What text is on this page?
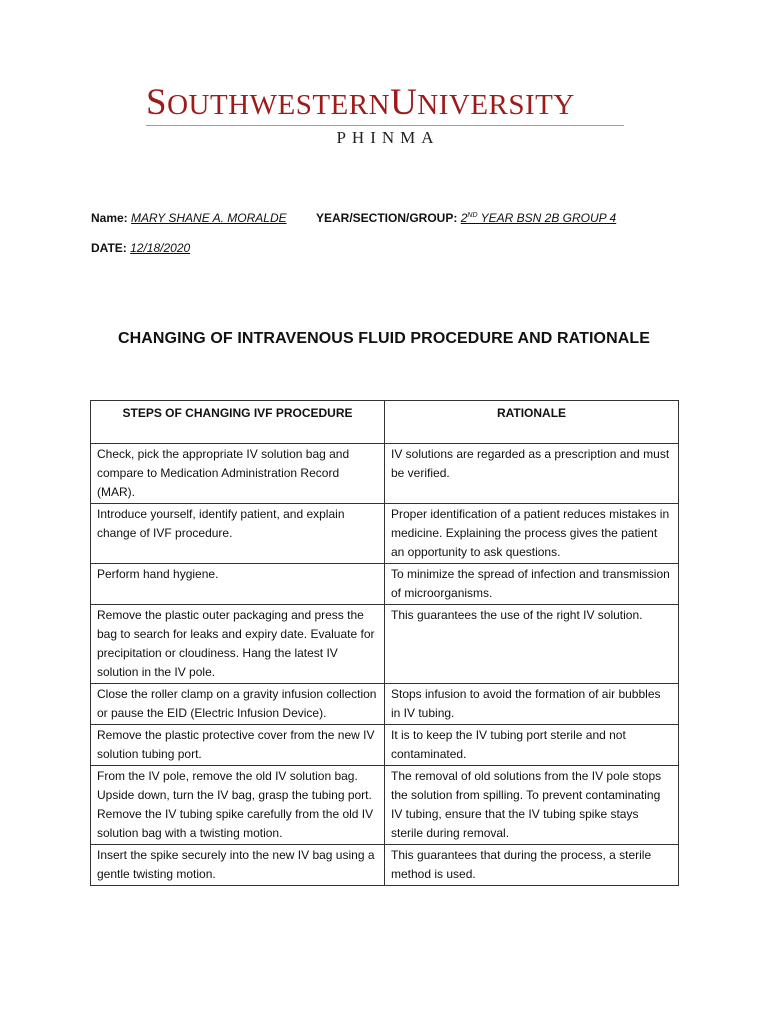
SOUTHWESTERNUNIVERSITY
PHINMA
Name: MARY SHANE A. MORALDE YEAR/SECTION/GROUP: 2ND YEAR BSN 2B GROUP 4
DATE: 12/18/2020
CHANGING OF INTRAVENOUS FLUID PROCEDURE AND RATIONALE
STEPS OF CHANGING IVF PROCEDURE	RATIONALE
Check, pick the appropriate IV solution bag and compare to Medication Administration Record (MAR).	IV solutions are regarded as a prescription and must be verified.
Introduce yourself, identify patient, and explain change of IVF procedure.	Proper identification of a patient reduces mistakes in medicine. Explaining the process gives the patient an opportunity to ask questions.
Perform hand hygiene.	To minimize the spread of infection and transmission of microorganisms.
Remove the plastic outer packaging and press the bag to search for leaks and expiry date. Evaluate for precipitation or cloudiness. Hang the latest IV solution in the IV pole.	This guarantees the use of the right IV solution.
Close the roller clamp on a gravity infusion collection or pause the EID (Electric Infusion Device).	Stops infusion to avoid the formation of air bubbles in IV tubing.
Remove the plastic protective cover from the new IV solution tubing port.	It is to keep the IV tubing port sterile and not contaminated.
From the IV pole, remove the old IV solution bag. Upside down, turn the IV bag, grasp the tubing port. Remove the IV tubing spike carefully from the old IV solution bag with a twisting motion.	The removal of old solutions from the IV pole stops the solution from spilling. To prevent contaminating IV tubing, ensure that the IV tubing spike stays sterile during removal.
Insert the spike securely into the new IV bag using a gentle twisting motion.	This guarantees that during the process, a sterile method is used.
